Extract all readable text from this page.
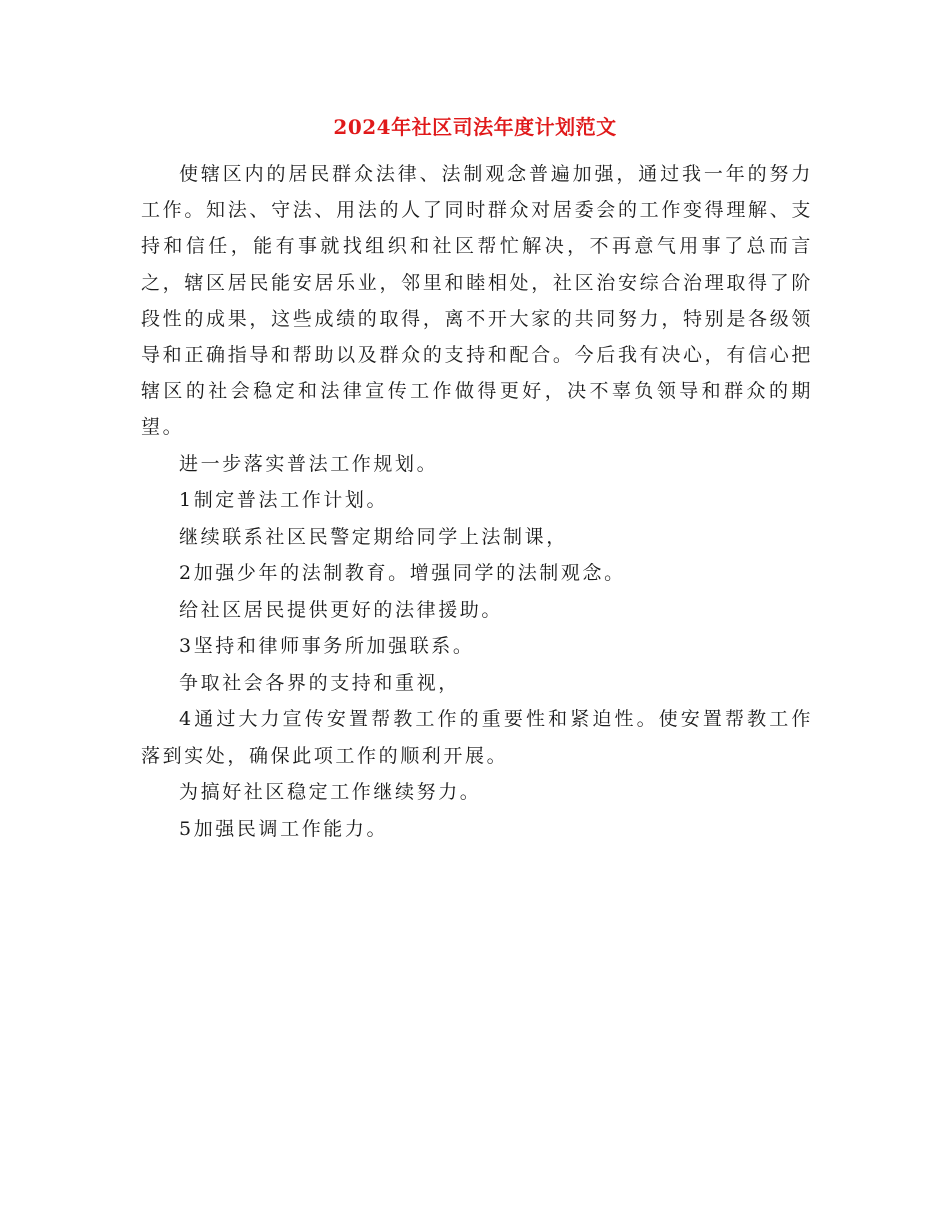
2024年社区司法年度计划范文

使辖区内的居民群众法律、法制观念普遍加强，通过我一年的努力工作。知法、守法、用法的人了同时群众对居委会的工作变得理解、支持和信任，能有事就找组织和社区帮忙解决，不再意气用事了总而言之，辖区居民能安居乐业，邻里和睦相处，社区治安综合治理取得了阶段性的成果，这些成绩的取得，离不开大家的共同努力，特别是各级领导和正确指导和帮助以及群众的支持和配合。今后我有决心，有信心把辖区的社会稳定和法律宣传工作做得更好，决不辜负领导和群众的期望。

进一步落实普法工作规划。

1制定普法工作计划。

继续联系社区民警定期给同学上法制课，

2加强少年的法制教育。增强同学的法制观念。

给社区居民提供更好的法律援助。

3坚持和律师事务所加强联系。

争取社会各界的支持和重视，

4通过大力宣传安置帮教工作的重要性和紧迫性。使安置帮教工作落到实处，确保此项工作的顺利开展。

为搞好社区稳定工作继续努力。

5加强民调工作能力。
